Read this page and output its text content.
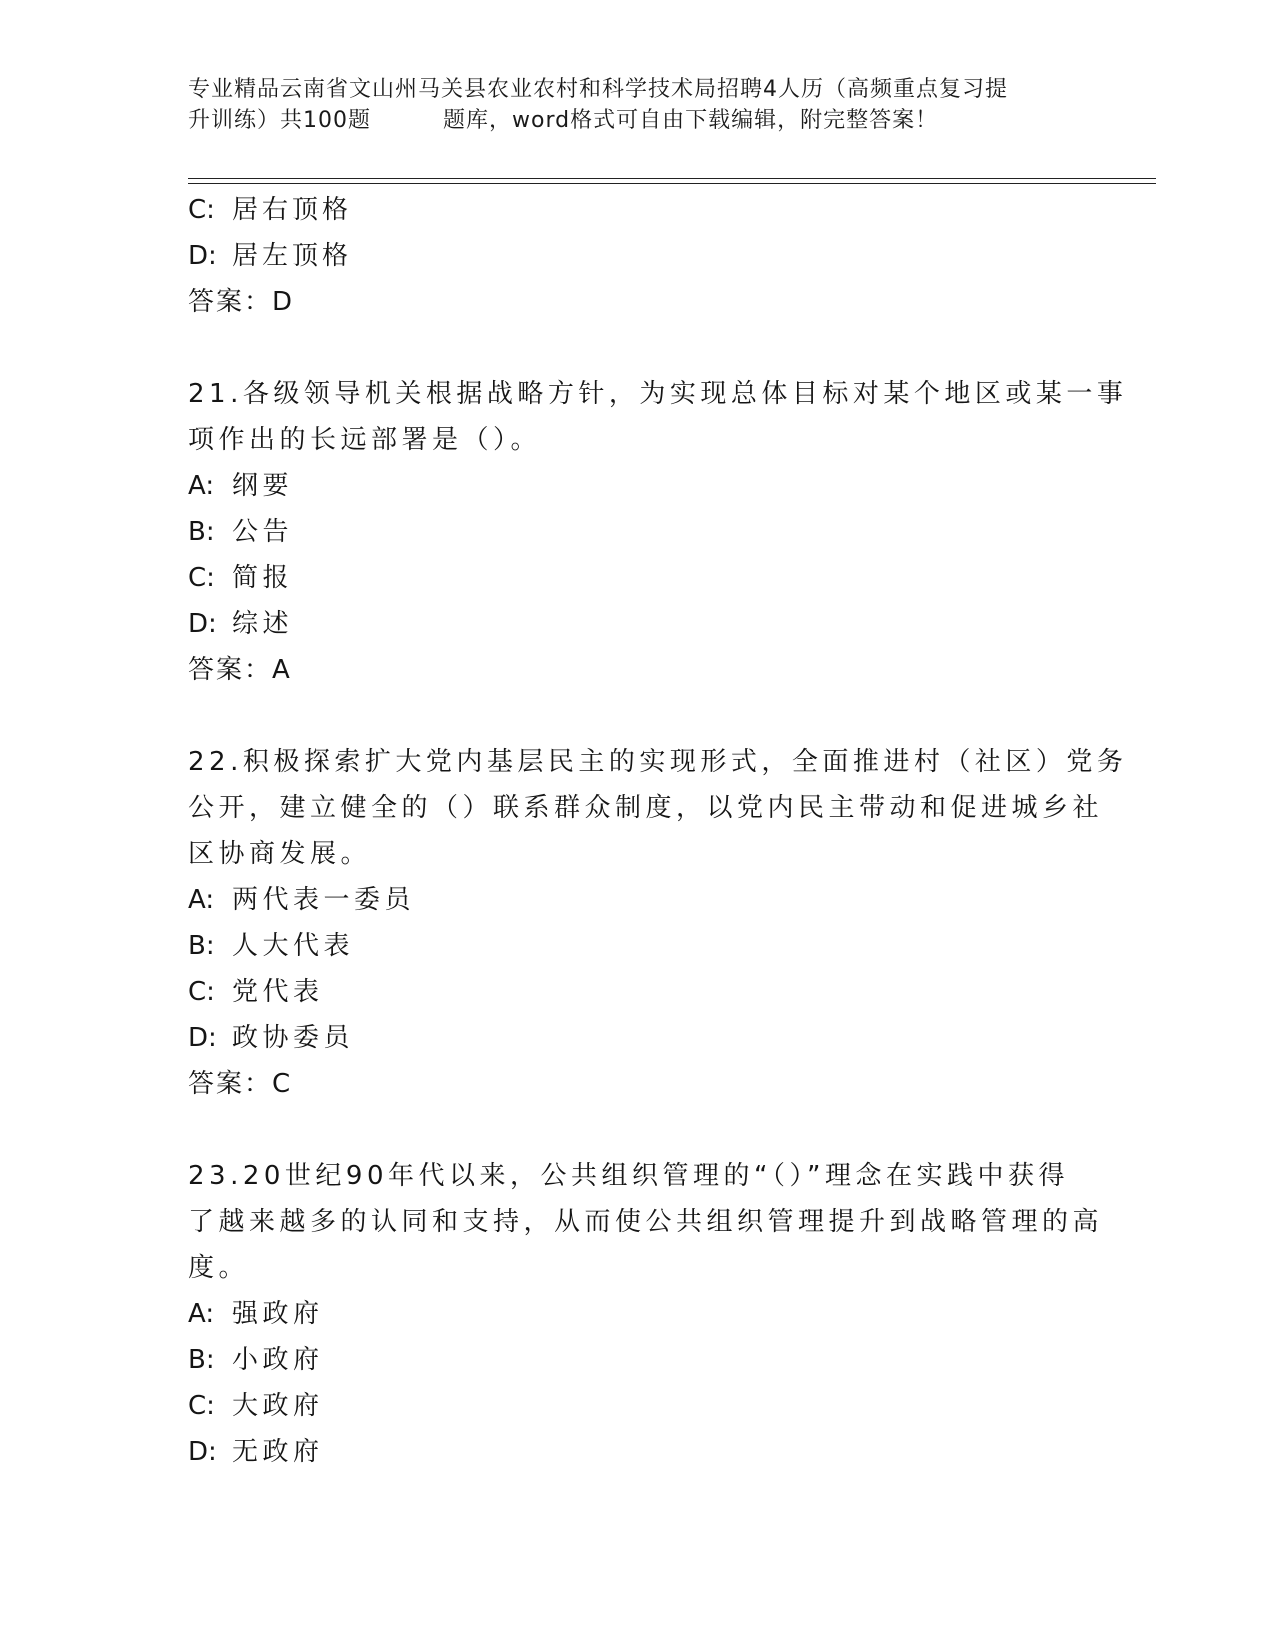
专业精品云南省文山州马关县农业农村和科学技术局招聘4人历（高频重点复习提
升训练）共100题	题库，word格式可自由下载编辑，附完整答案！
C: 居右顶格
D: 居左顶格
答案：D
21.各级领导机关根据战略方针，为实现总体目标对某个地区或某一事
项作出的长远部署是（）。
A: 纲要
B: 公告
C: 简报
D: 综述
答案：A
22.积极探索扩大党内基层民主的实现形式，全面推进村（社区）党务
公开，建立健全的（）联系群众制度，以党内民主带动和促进城乡社
区协商发展。
A: 两代表一委员
B: 人大代表
C: 党代表
D: 政协委员
答案：C
23.20世纪90年代以来，公共组织管理的“（）”理念在实践中获得
了越来越多的认同和支持，从而使公共组织管理提升到战略管理的高
度。
A: 强政府
B: 小政府
C: 大政府
D: 无政府
